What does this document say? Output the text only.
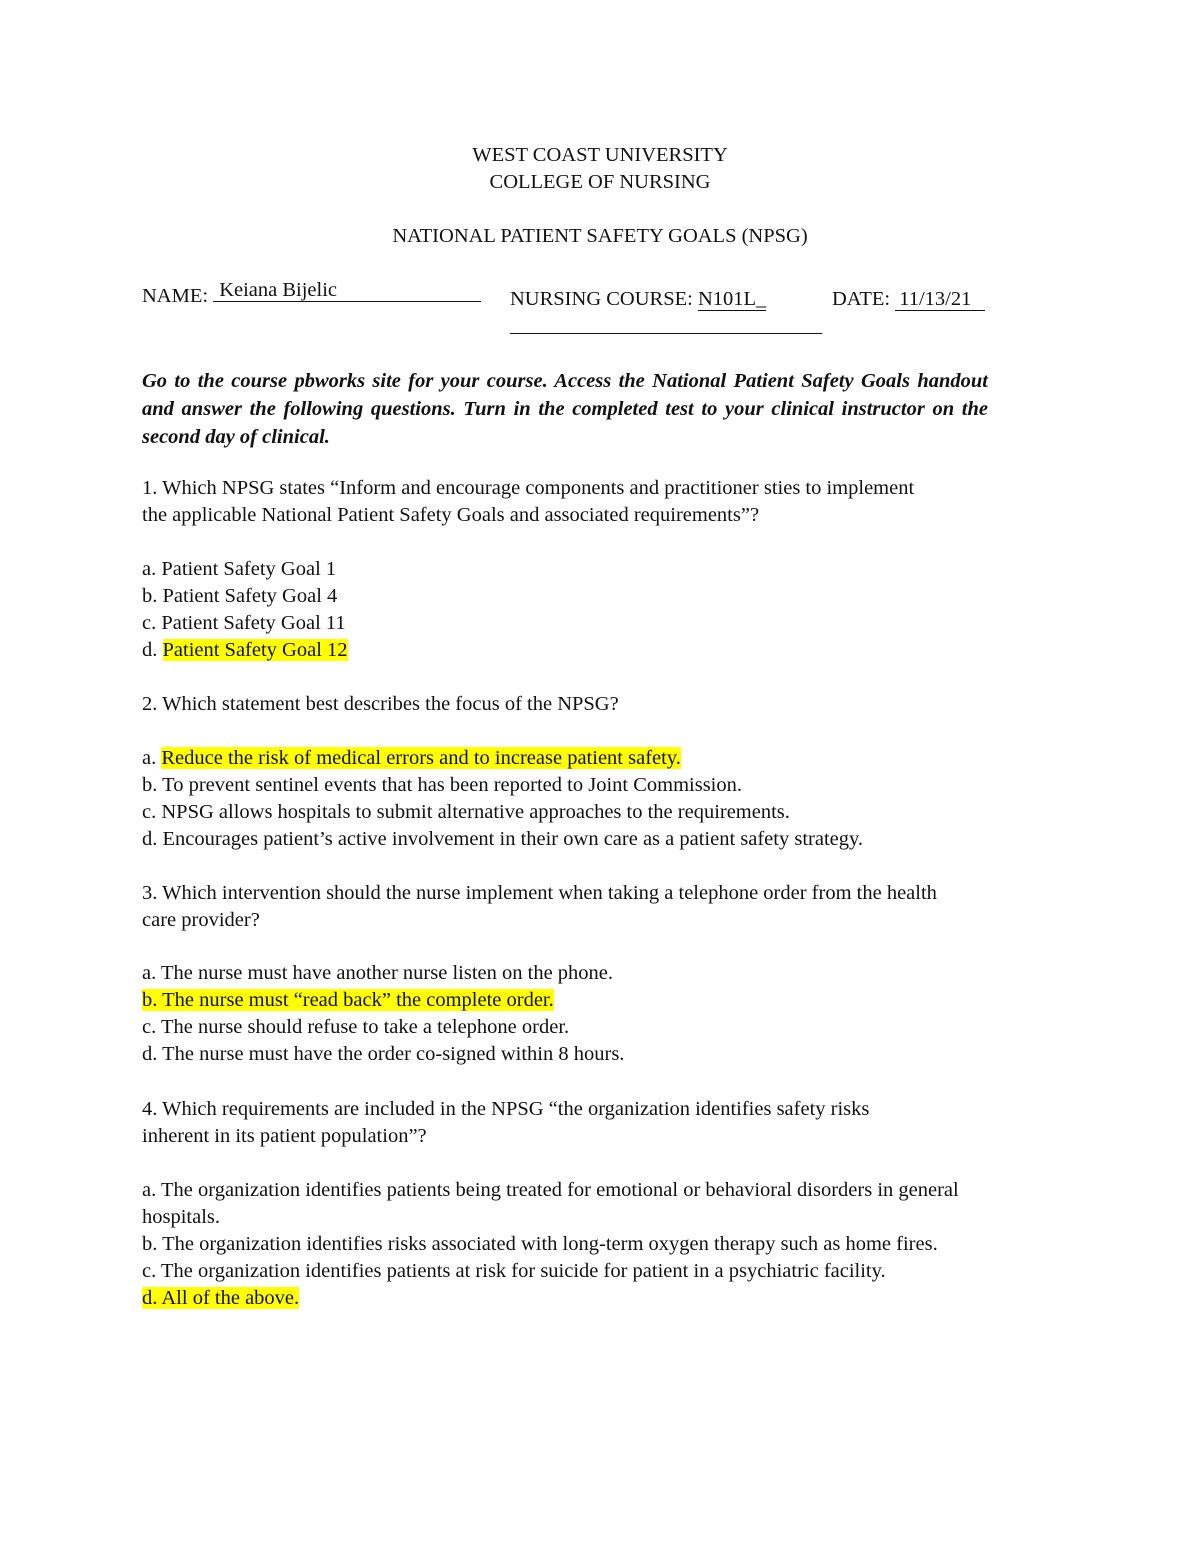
WEST COAST UNIVERSITY
COLLEGE OF NURSING
NATIONAL PATIENT SAFETY GOALS (NPSG)
NAME: Keiana Bijelic	NURSING COURSE: N101L_	DATE: 11/13/21
Go to the course pbworks site for your course. Access the National Patient Safety Goals handout and answer the following questions. Turn in the completed test to your clinical instructor on the second day of clinical.
1. Which NPSG states “Inform and encourage components and practitioner sties to implement
the applicable National Patient Safety Goals and associated requirements”?
a. Patient Safety Goal 1
b. Patient Safety Goal 4
c. Patient Safety Goal 11
d. Patient Safety Goal 12
2. Which statement best describes the focus of the NPSG?
a. Reduce the risk of medical errors and to increase patient safety.
b. To prevent sentinel events that has been reported to Joint Commission.
c. NPSG allows hospitals to submit alternative approaches to the requirements.
d. Encourages patient’s active involvement in their own care as a patient safety strategy.
3. Which intervention should the nurse implement when taking a telephone order from the health
care provider?
a. The nurse must have another nurse listen on the phone.
b. The nurse must “read back” the complete order.
c. The nurse should refuse to take a telephone order.
d. The nurse must have the order co-signed within 8 hours.
4. Which requirements are included in the NPSG “the organization identifies safety risks
inherent in its patient population”?
a. The organization identifies patients being treated for emotional or behavioral disorders in general hospitals.
b. The organization identifies risks associated with long-term oxygen therapy such as home fires.
c. The organization identifies patients at risk for suicide for patient in a psychiatric facility.
d. All of the above.
